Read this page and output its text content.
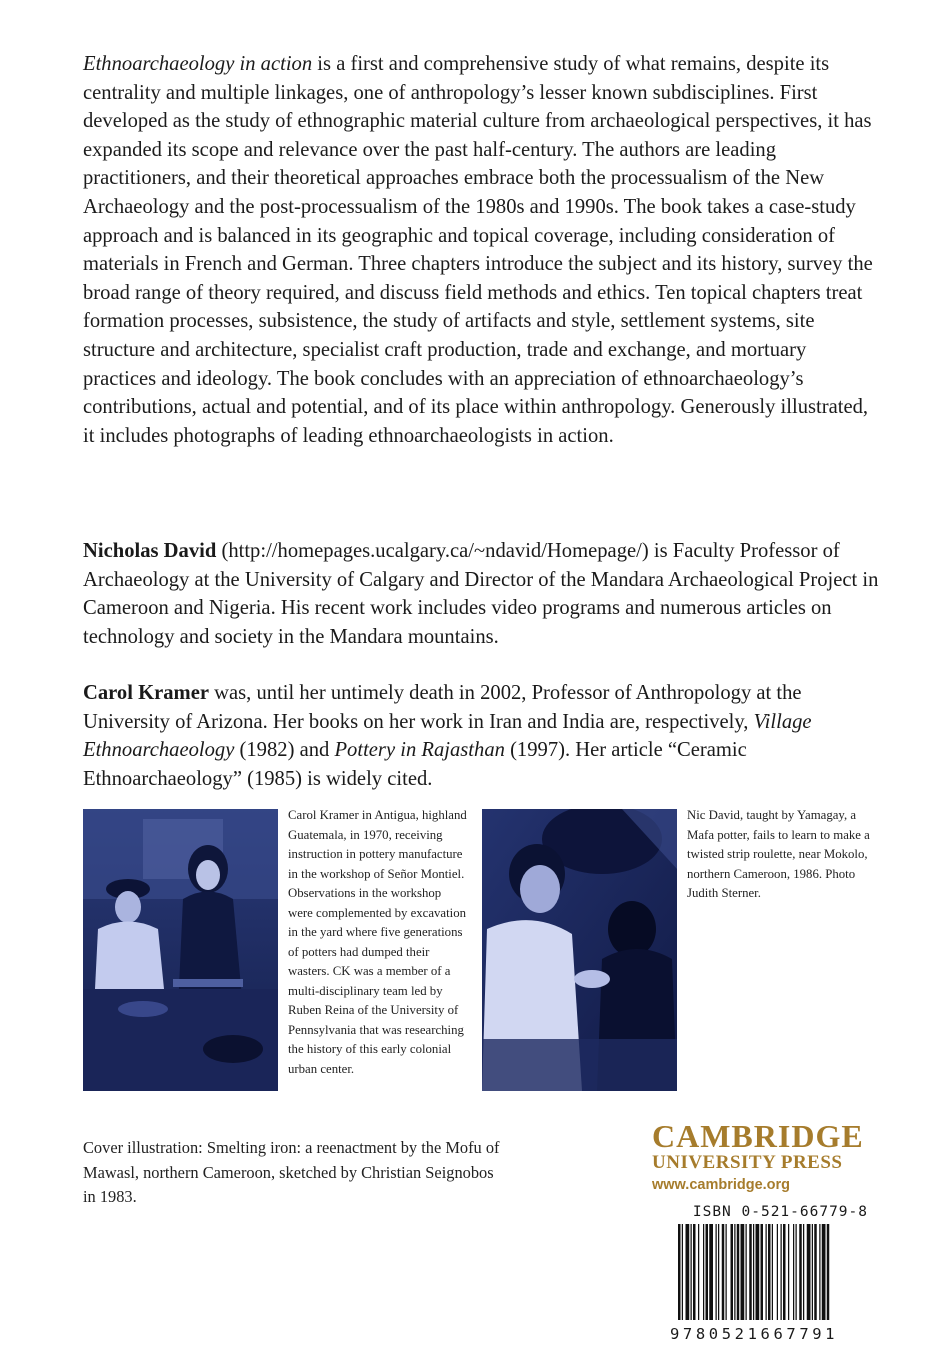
Ethnoarchaeology in action is a first and comprehensive study of what remains, despite its centrality and multiple linkages, one of anthropology’s lesser known subdisciplines. First developed as the study of ethnographic material culture from archaeological perspectives, it has expanded its scope and relevance over the past half-century. The authors are leading practitioners, and their theoretical approaches embrace both the processualism of the New Archaeology and the post-processualism of the 1980s and 1990s. The book takes a case-study approach and is balanced in its geographic and topical coverage, including consideration of materials in French and German. Three chapters introduce the subject and its history, survey the broad range of theory required, and discuss field methods and ethics. Ten topical chapters treat formation processes, subsistence, the study of artifacts and style, settlement systems, site structure and architecture, specialist craft production, trade and exchange, and mortuary practices and ideology. The book concludes with an appreciation of ethnoarchaeology’s contributions, actual and potential, and of its place within anthropology. Generously illustrated, it includes photographs of leading ethnoarchaeologists in action.

Nicholas David (http://homepages.ucalgary.ca/~ndavid/Homepage/) is Faculty Professor of Archaeology at the University of Calgary and Director of the Mandara Archaeological Project in Cameroon and Nigeria. His recent work includes video programs and numerous articles on technology and society in the Mandara mountains.

Carol Kramer was, until her untimely death in 2002, Professor of Anthropology at the University of Arizona. Her books on her work in Iran and India are, respectively, Village Ethnoarchaeology (1982) and Pottery in Rajasthan (1997). Her article “Ceramic Ethnoarchaeology” (1985) is widely cited.

Carol Kramer in Antigua, highland Guatemala, in 1970, receiving instruction in pottery manufacture in the workshop of Señor Montiel. Observations in the workshop were complemented by excavation in the yard where five generations of potters had dumped their wasters. CK was a member of a multi-disciplinary team led by Ruben Reina of the University of Pennsylvania that was researching the history of this early colonial urban center.
Nic David, taught by Yamagay, a Mafa potter, fails to learn to make a twisted strip roulette, near Mokolo, northern Cameroon, 1986. Photo Judith Sterner.
Cover illustration: Smelting iron: a reenactment by the Mofu of Mawasl, northern Cameroon, sketched by Christian Seignobos in 1983.
CAMBRIDGE
UNIVERSITY PRESS
www.cambridge.org
ISBN 0-521-66779-8
9780521667791
